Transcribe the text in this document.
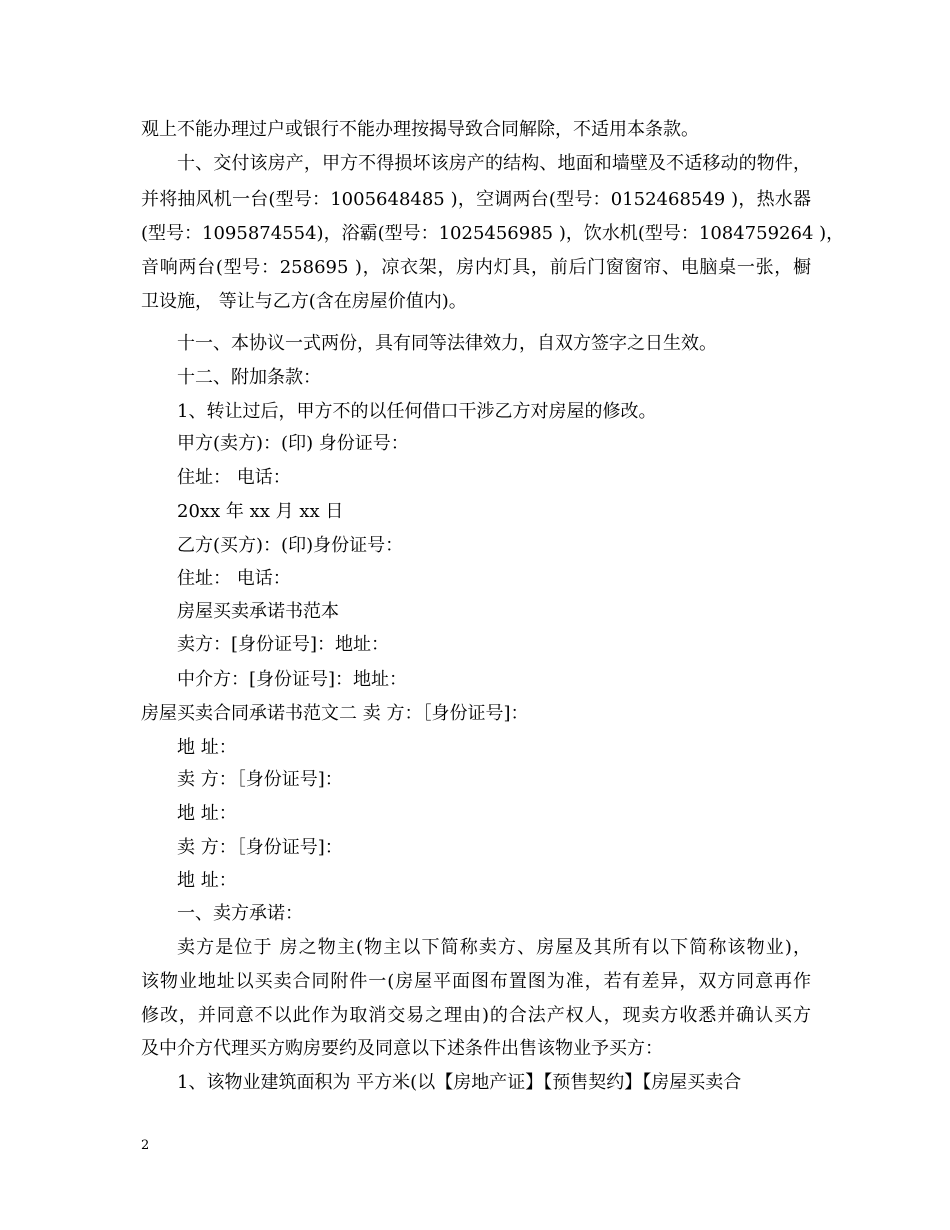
观上不能办理过户或银行不能办理按揭导致合同解除，不适用本条款。
十、交付该房产，甲方不得损坏该房产的结构、地面和墙壁及不适移动的物件，
并将抽风机一台(型号：1005648485 )，空调两台(型号：0152468549 )，热水器
(型号：1095874554)，浴霸(型号：1025456985 )，饮水机(型号：1084759264 )，
音响两台(型号：258695 )，凉衣架，房内灯具，前后门窗窗帘、电脑桌一张，橱
卫设施， 等让与乙方(含在房屋价值内)。
十一、本协议一式两份，具有同等法律效力，自双方签字之日生效。
十二、附加条款：
1、转让过后，甲方不的以任何借口干涉乙方对房屋的修改。
甲方(卖方)：(印) 身份证号：
住址： 电话：
20xx 年 xx 月 xx 日
乙方(买方)：(印)身份证号：
住址： 电话：
房屋买卖承诺书范本
卖方：[身份证号]：地址：
中介方：[身份证号]：地址：
房屋买卖合同承诺书范文二 卖 方：［身份证号]：
地 址：
卖 方：［身份证号]：
地 址：
卖 方：［身份证号]：
地 址：
一、卖方承诺：
卖方是位于 房之物主(物主以下简称卖方、房屋及其所有以下简称该物业)，
该物业地址以买卖合同附件一(房屋平面图布置图为准，若有差异，双方同意再作
修改，并同意不以此作为取消交易之理由)的合法产权人，现卖方收悉并确认买方
及中介方代理买方购房要约及同意以下述条件出售该物业予买方：
1、该物业建筑面积为 平方米(以【房地产证】【预售契约】【房屋买卖合
2
